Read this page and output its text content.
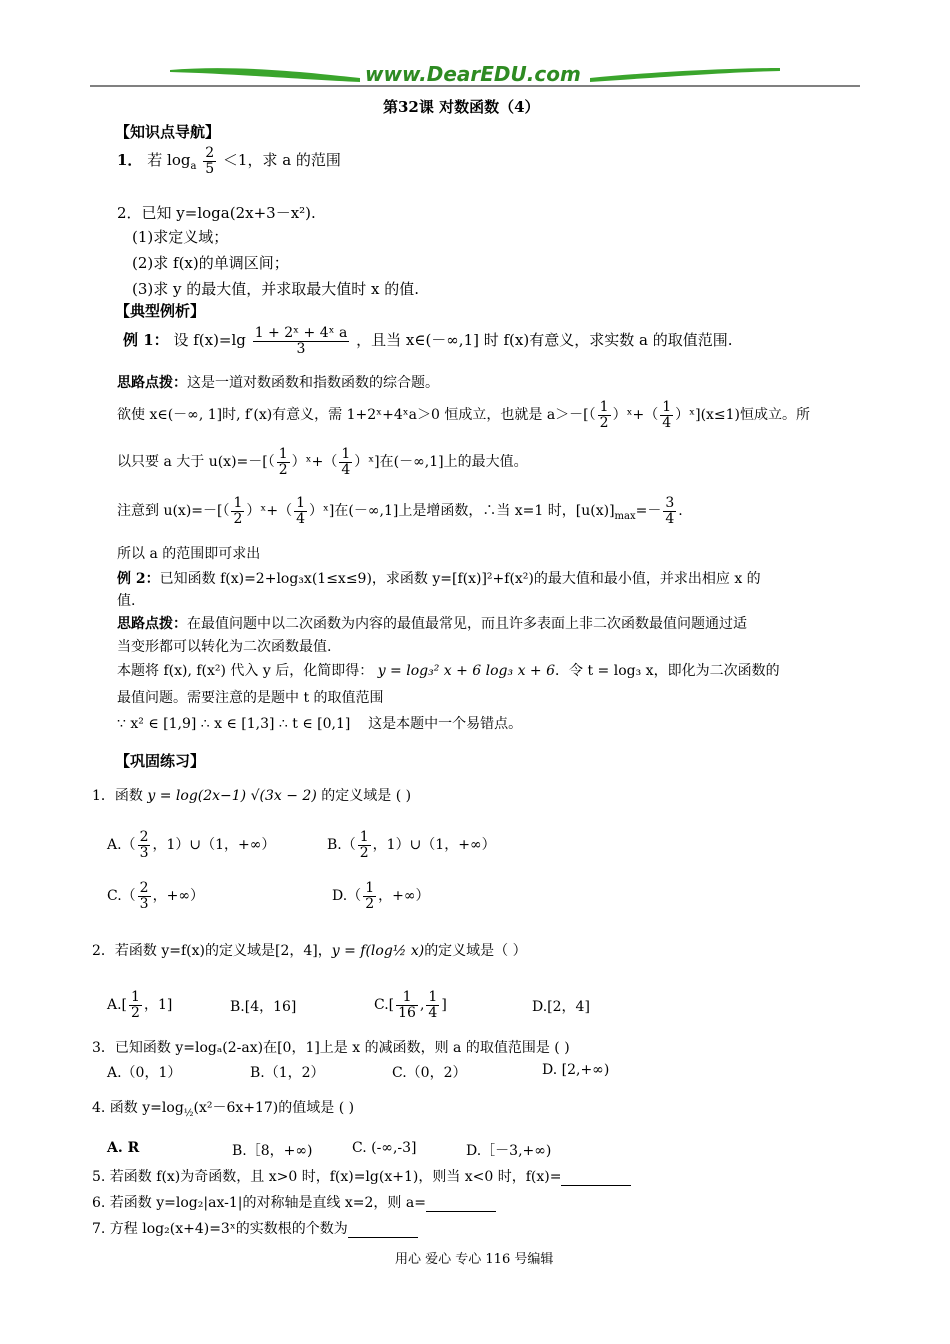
www.DearEDU.com
第32课 对数函数（4）
【知识点导航】
1． 若 $\log_a \frac{2}{5} <1$，求 a 的范围
2．已知 y=loga(2x+3－x²).
(1)求定义域；
(2)求 f(x)的单调区间；
(3)求 y 的最大值，并求取最大值时 x 的值.
【典型例析】
例 1： 设 $f(x)=\lg \frac{\text{1 + 2ˣ + 4ˣ a}}{3}$ ，且当 x∈(－∞,1] 时 f(x)有意义，求实数 a 的取值范围.
思路点拨：这是一道对数函数和指数函数的综合题。
欲使 x∈(－∞, 1]时, f′(x)有意义，需 1+2ˣ+4ˣa＞0 恒成立，也就是 $a>-[( \frac{1}{2}$ ）ˣ+（ $\frac{1}{4}$ ）ˣ](x≤1)恒成立。所
以只要 a 大于 $u(x)=-[( \frac{1}{2}$ ）ˣ+（ $\frac{1}{4}$ ）ˣ]在(－∞,1]上的最大值。
注意到 $u(x)=-[( \frac{1}{2}$ ）ˣ+（ $\frac{1}{4}$ ）ˣ]在(－∞,1]上是增函数，∴当 x=1 时，$[u(x)]_{max}=- \frac{3}{4}$ .
所以 a 的范围即可求出
例 2：已知函数 f(x)=2+log₃x(1≤x≤9)，求函数 y=[f(x)]²+f(x²)的最大值和最小值，并求出相应 x 的
值.
思路点拨：在最值问题中以二次函数为内容的最值最常见，而且许多表面上非二次函数最值问题通过适
当变形都可以转化为二次函数最值.
本题将 f(x), f(x²) 代入 y 后，化简即得： y = log₃² x + 6 log₃ x + 6．令 t = log₃ x，即化为二次函数的
最值问题。需要注意的是题中 t 的取值范围
∵ x² ∈ [1,9] ∴ x ∈ [1,3] ∴ t ∈ [0,1] 这是本题中一个易错点。
【巩固练习】
1．函数 y = log(2x−1) √(3x − 2) 的定义域是 ( )
$A.( \frac{2}{3}$ ，1）∪（1，+∞）	$B.( \frac{1}{2}$ ，1）∪（1，+∞）
$C.( \frac{2}{3}$ ，+∞）	$D.( \frac{1}{2}$ ，+∞）
2．若函数 y=f(x)的定义域是[2，4]，y = f(log½ x)的定义域是（ ）
$A.[ \frac{1}{2}$ ，1]	B.[4，16]	$C.[ \frac{1}{16}$ , $\frac{1}{4}$ ]	D.[2，4]
3．已知函数 y=logₐ(2-ax)在[0，1]上是 x 的减函数，则 a 的取值范围是 ( )
A.（0，1）	B.（1，2）	C.（0，2）	D. [2,+∞)
4. 函数 $y=\log_{\frac{1}{2}}(x^2-6x+17)$的值域是 ( )
A. R	B.［8，+∞)	C. (-∞,-3]	D.［－3,+∞)
5. 若函数 f(x)为奇函数，且 x>0 时，f(x)=lg(x+1)，则当 x<0 时，f(x)=
6. 若函数 y=log₂|ax-1|的对称轴是直线 x=2，则 a=
7. 方程 log₂(x+4)=3ˣ的实数根的个数为
用心 爱心 专心 116 号编辑
